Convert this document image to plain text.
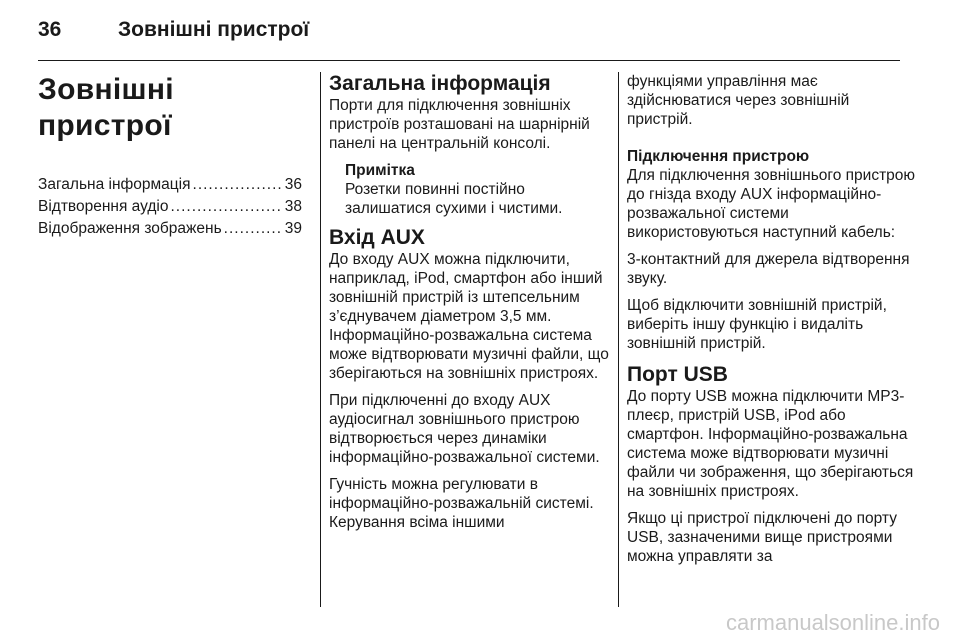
36	Зовнішні пристрої
Зовнішні пристрої
Загальна інформація .....	36
Відтворення аудіо .....	38
Відображення зображень .....	39
Загальна інформація

Порти для підключення зовнішніх пристроїв розташовані на шарнірній панелі на центральній консолі.

Примітка

Розетки повинні постійно залишатися сухими і чистими.

Вхід AUX

До входу AUX можна підключити, наприклад, iPod, смартфон або інший зовнішній пристрій із штепсельним з’єднувачем діаметром 3,5 мм. Інформаційно-розважальна система може відтворювати музичні файли, що зберігаються на зовнішніх пристроях.

При підключенні до входу AUX аудіосигнал зовнішнього пристрою відтворюється через динаміки інформаційно-розважальної системи.

Гучність можна регулювати в інформаційно-розважальній системі. Керування всіма іншими

функціями управління має здійснюватися через зовнішній пристрій.

Підключення пристрою

Для підключення зовнішнього пристрою до гнізда входу AUX інформаційно-розважальної системи використовуються наступний кабель:

3-контактний для джерела відтворення звуку.

Щоб відключити зовнішній пристрій, виберіть іншу функцію і видаліть зовнішній пристрій.

Порт USB

До порту USB можна підключити MP3-плеєр, пристрій USB, iPod або смартфон. Інформаційно-розважальна система може відтворювати музичні файли чи зображення, що зберігаються на зовнішніх пристроях.

Якщо ці пристрої підключені до порту USB, зазначеними вище пристроями можна управляти за

carmanualsonline.info
